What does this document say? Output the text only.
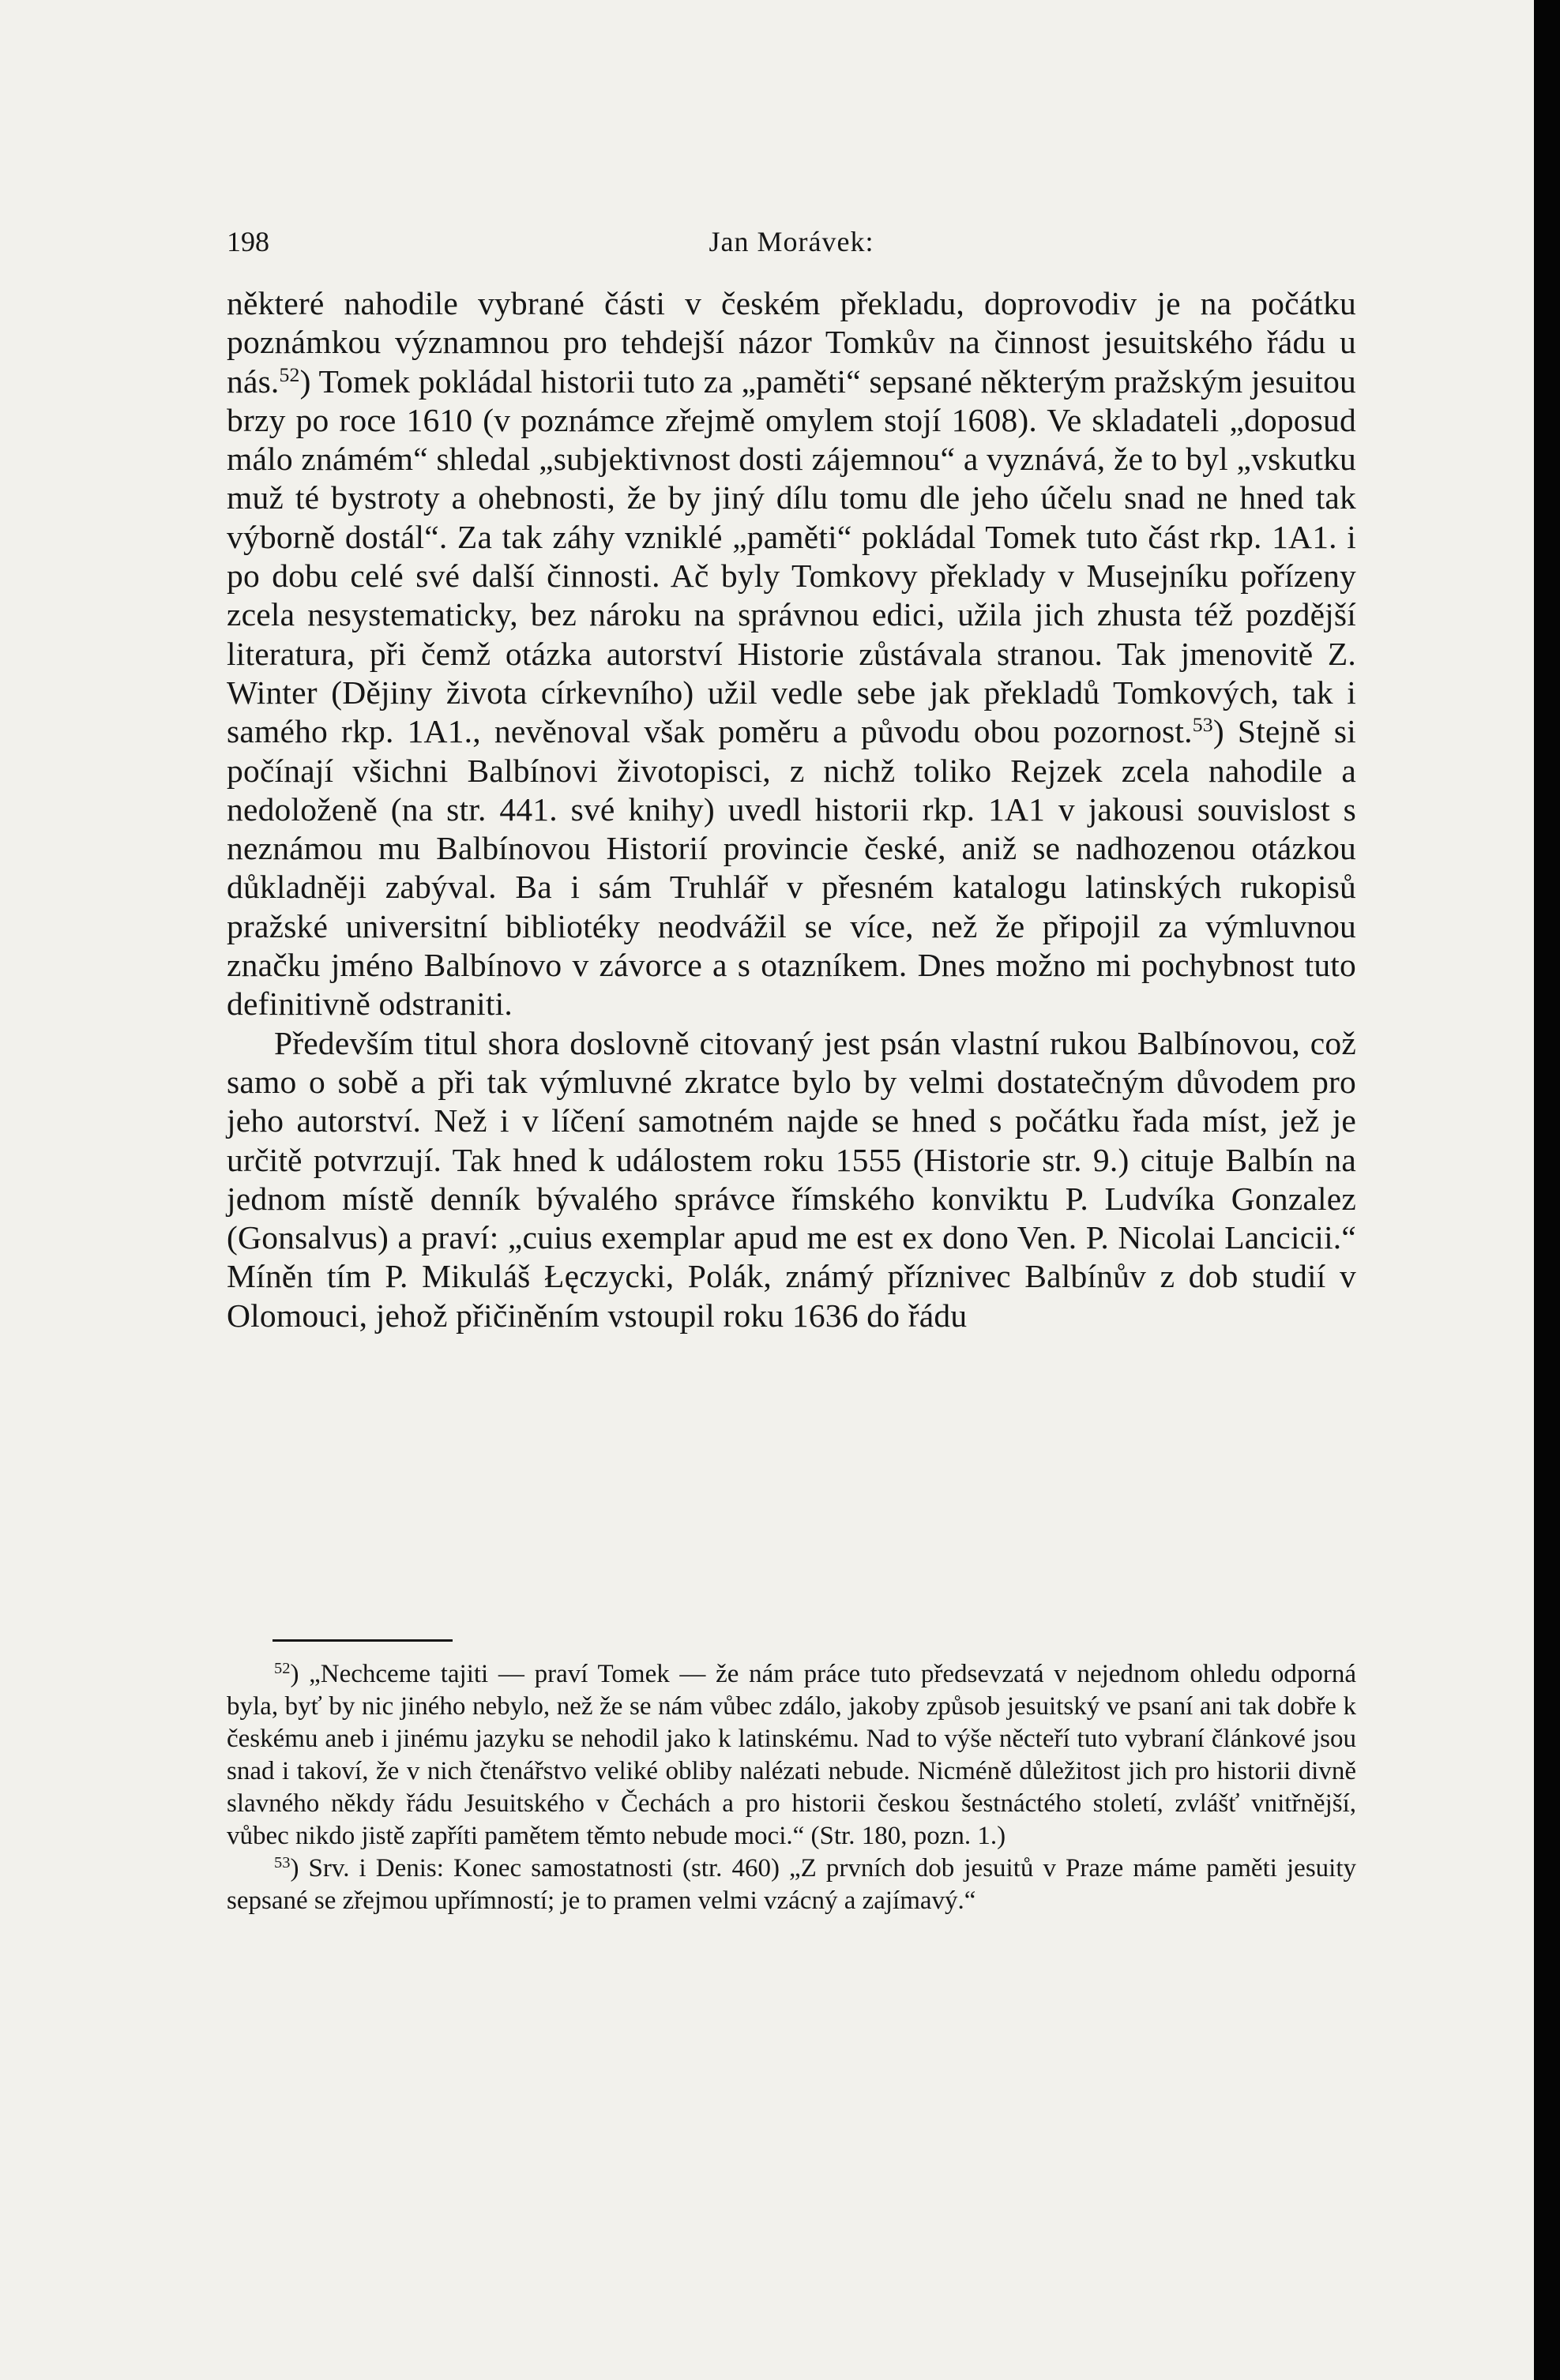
198	Jan Morávek:

některé nahodile vybrané části v českém překladu, doprovodiv je na počátku poznámkou významnou pro tehdejší názor Tomkův na činnost jesuitského řádu u nás.$^{52}$) Tomek pokládal historii tuto za „paměti“ sepsané některým pražským jesuitou brzy po roce 1610 (v poznámce zřejmě omylem stojí 1608). Ve skladateli „doposud málo známém“ shledal „subjektivnost dosti zájemnou“ a vyznává, že to byl „vskutku muž té bystroty a ohebnosti, že by jiný dílu tomu dle jeho účelu snad ne hned tak výborně dostál“. Za tak záhy vzniklé „paměti“ pokládal Tomek tuto část rkp. 1A1. i po dobu celé své další činnosti. Ač byly Tomkovy překlady v Musejníku pořízeny zcela nesystematicky, bez nároku na správnou edici, užila jich zhusta též pozdější literatura, při čemž otázka autorství Historie zůstávala stranou. Tak jmenovitě Z. Winter (Dějiny života církevního) užil vedle sebe jak překladů Tomkových, tak i samého rkp. 1A1., nevěnoval však poměru a původu obou pozornost.$^{53}$) Stejně si počínají všichni Balbínovi životopisci, z nichž toliko Rejzek zcela nahodile a nedoloženě (na str. 441. své knihy) uvedl historii rkp. 1A1 v jakousi souvislost s neznámou mu Balbínovou Historií provincie české, aniž se nadhozenou otázkou důkladněji zabýval. Ba i sám Truhlář v přesném katalogu latinských rukopisů pražské universitní bibliotéky neodvážil se více, než že připojil za výmluvnou značku jméno Balbínovo v závorce a s otazníkem. Dnes možno mi pochybnost tuto definitivně odstraniti.

Především titul shora doslovně citovaný jest psán vlastní rukou Balbínovou, což samo o sobě a při tak výmluvné zkratce bylo by velmi dostatečným důvodem pro jeho autorství. Než i v líčení samotném najde se hned s počátku řada míst, jež je určitě potvrzují. Tak hned k událostem roku 1555 (Historie str. 9.) cituje Balbín na jednom místě denník bývalého správce římského konviktu P. Ludvíka Gonzalez (Gonsalvus) a praví: „cuius exemplar apud me est ex dono Ven. P. Nicolai Lancicii.“ Míněn tím P. Mikuláš Łęczycki, Polák, známý příznivec Balbínův z dob studií v Olomouci, jehož přičiněním vstoupil roku 1636 do řádu

$^{52}$) „Nechceme tajiti — praví Tomek — že nám práce tuto předsevzatá v nejednom ohledu odporná byla, byť by nic jiného nebylo, než že se nám vůbec zdálo, jakoby způsob jesuitský ve psaní ani tak dobře k českému aneb i jinému jazyku se nehodil jako k latinskému. Nad to výše něcteří tuto vybraní článkové jsou snad i takoví, že v nich čtenářstvo veliké obliby nalézati nebude. Nicméně důležitost jich pro historii divně slavného někdy řádu Jesuitského v Čechách a pro historii českou šestnáctého století, zvlášť vnitřnější, vůbec nikdo jistě zapříti pamětem těmto nebude moci.“ (Str. 180, pozn. 1.)

$^{53}$) Srv. i Denis: Konec samostatnosti (str. 460) „Z prvních dob jesuitů v Praze máme paměti jesuity sepsané se zřejmou upřímností; je to pramen velmi vzácný a zajímavý.“
